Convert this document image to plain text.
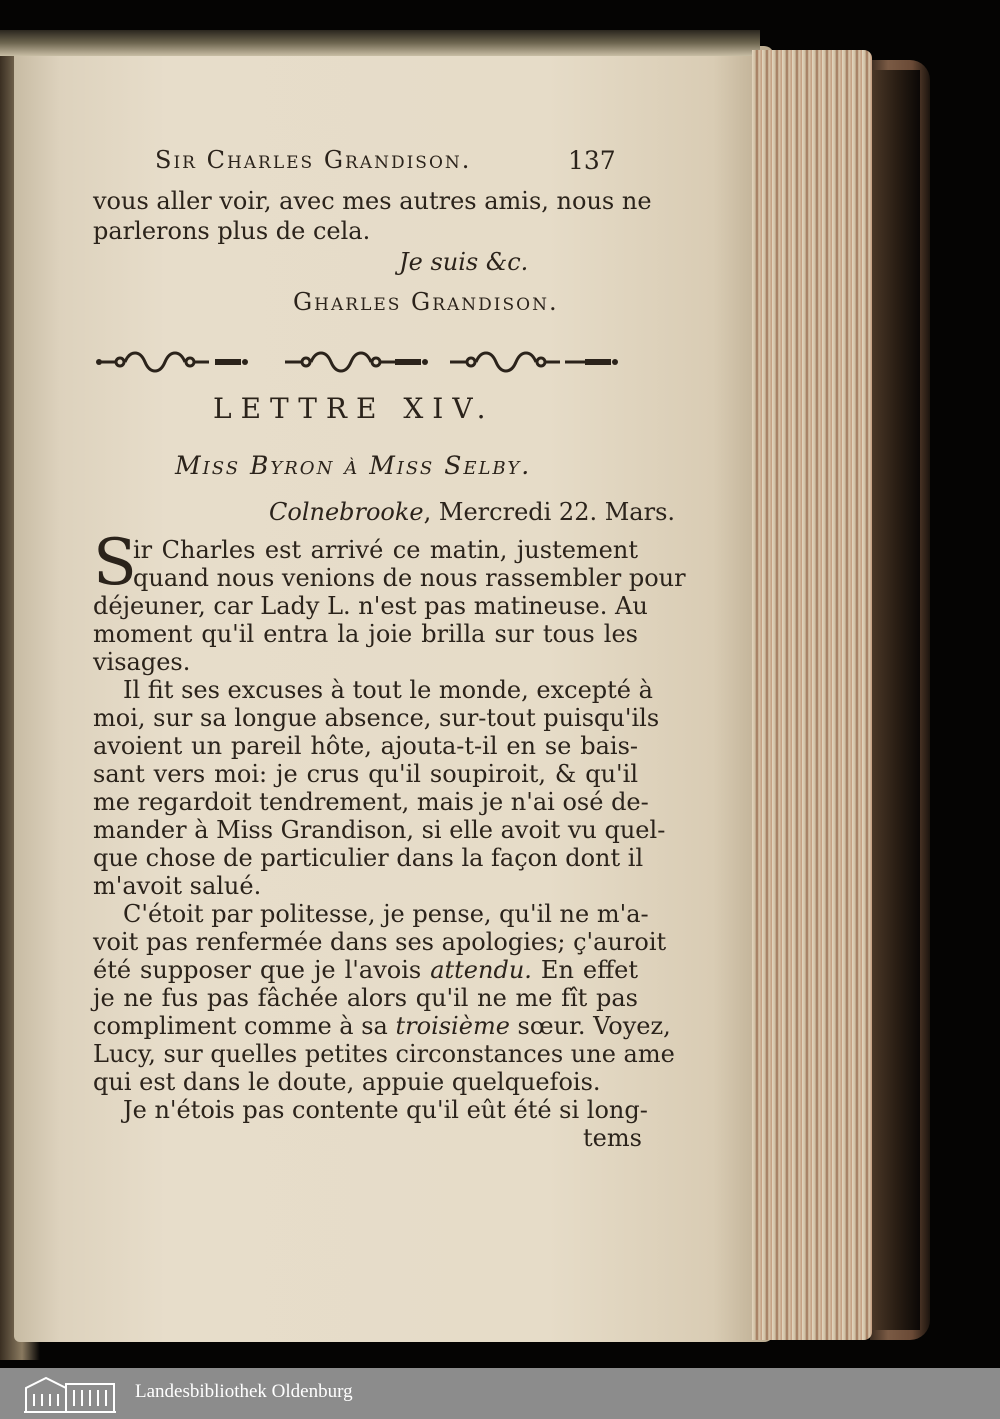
Sir Charles Grandison.	137
vous aller voir, avec mes autres amis, nous ne
parlerons plus de cela.
Je suis &c.
Gharles Grandison.
LETTRE XIV.
Miss Byron à Miss Selby.
Colnebrooke, Mercredi 22. Mars.
S
ir Charles est arrivé ce matin, justement
quand nous venions de nous rassembler pour
déjeuner, car Lady L. n'est pas matineuse. Au
moment qu'il entra la joie brilla sur tous les
visages.
Il fit ses excuses à tout le monde, excepté à
moi, sur sa longue absence, sur-tout puisqu'ils
avoient un pareil hôte, ajouta-t-il en se bais-
sant vers moi: je crus qu'il soupiroit, & qu'il
me regardoit tendrement, mais je n'ai osé de-
mander à Miss Grandison, si elle avoit vu quel-
que chose de particulier dans la façon dont il
m'avoit salué.
C'étoit par politesse, je pense, qu'il ne m'a-
voit pas renfermée dans ses apologies; ç'auroit
été supposer que je l'avois attendu. En effet
je ne fus pas fâchée alors qu'il ne me fît pas
compliment comme à sa troisième sœur. Voyez,
Lucy, sur quelles petites circonstances une ame
qui est dans le doute, appuie quelquefois.
Je n'étois pas contente qu'il eût été si long-
tems
Landesbibliothek Oldenburg
